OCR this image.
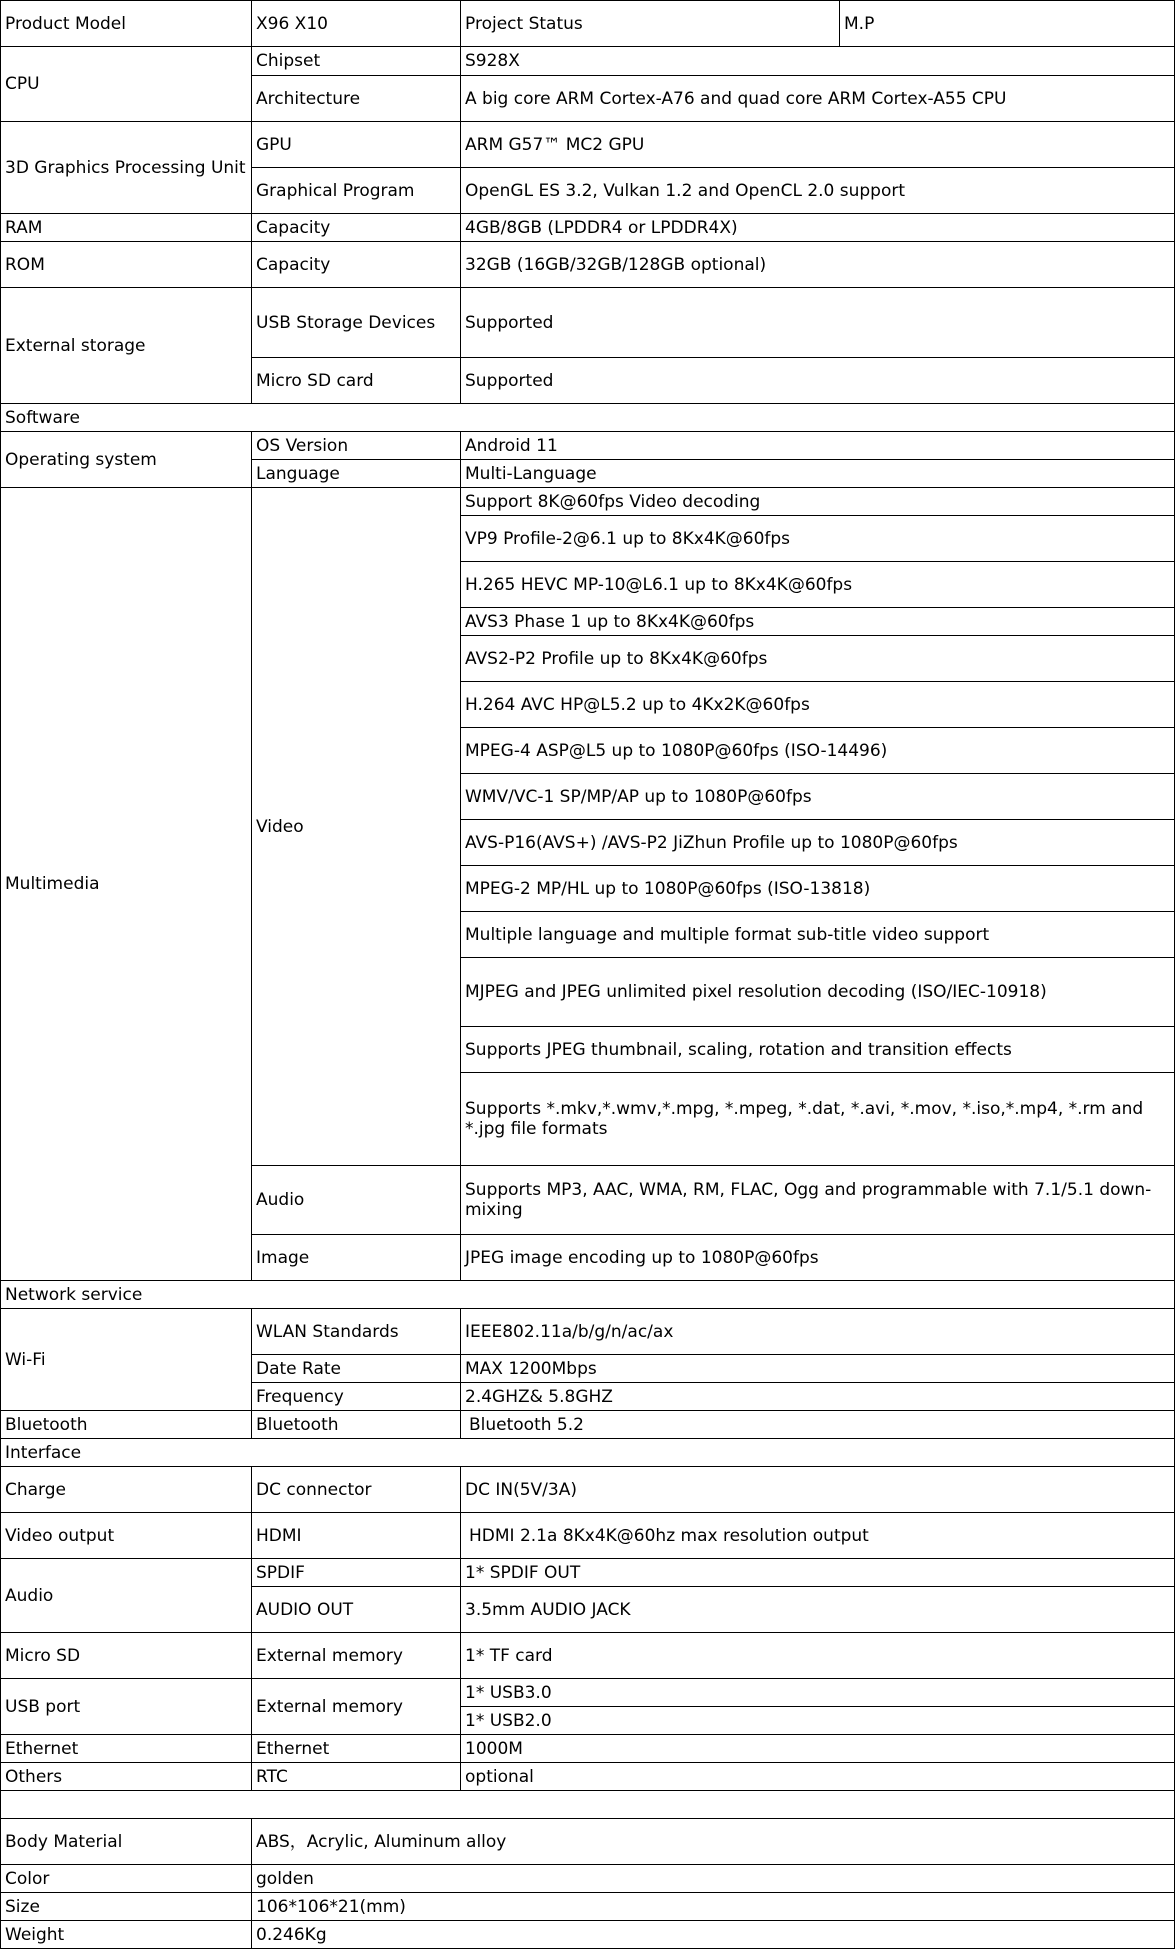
Product Model	X96 X10	Project Status	M.P
CPU	Chipset	S928X	
	Architecture	A big core ARM Cortex-A76 and quad core ARM Cortex-A55 CPU	
3D Graphics Processing Unit	GPU	ARM G57™ MC2 GPU	
	Graphical Program	OpenGL ES 3.2, Vulkan 1.2 and OpenCL 2.0 support	
RAM	Capacity	4GB/8GB (LPDDR4 or LPDDR4X)	
ROM	Capacity	32GB (16GB/32GB/128GB optional)	
External storage	USB Storage Devices	Supported	
	Micro SD card	Supported	
Software			
Operating system	OS Version	Android 11	
	Language	Multi-Language	
Multimedia	Video	Support 8K@60fps Video decoding	
		VP9 Profile-2@6.1 up to 8Kx4K@60fps	
		H.265 HEVC MP-10@L6.1 up to 8Kx4K@60fps	
		AVS3 Phase 1 up to 8Kx4K@60fps	
		AVS2-P2 Profile up to 8Kx4K@60fps	
		H.264 AVC HP@L5.2 up to 4Kx2K@60fps	
		MPEG-4 ASP@L5 up to 1080P@60fps (ISO-14496)	
		WMV/VC-1 SP/MP/AP up to 1080P@60fps	
		AVS-P16(AVS+) /AVS-P2 JiZhun Profile up to 1080P@60fps	
		MPEG-2 MP/HL up to 1080P@60fps (ISO-13818)	
		Multiple language and multiple format sub-title video support	
		MJPEG and JPEG unlimited pixel resolution decoding (ISO/IEC-10918)	
		Supports JPEG thumbnail, scaling, rotation and transition effects	
		Supports *.mkv,*.wmv,*.mpg, *.mpeg, *.dat, *.avi, *.mov, *.iso,*.mp4, *.rm and *.jpg file formats	
	Audio	Supports MP3, AAC, WMA, RM, FLAC, Ogg and programmable with 7.1/5.1 down-mixing	
	Image	JPEG image encoding up to 1080P@60fps	
Network service			
Wi-Fi	WLAN Standards	IEEE802.11a/b/g/n/ac/ax	
	Date Rate	MAX 1200Mbps	
	Frequency	2.4GHZ& 5.8GHZ	
Bluetooth	Bluetooth	Bluetooth 5.2	
Interface			
Charge	DC connector	DC IN(5V/3A)	
Video output	HDMI	HDMI 2.1a 8Kx4K@60hz max resolution output	
Audio	SPDIF	1* SPDIF OUT	
	AUDIO OUT	3.5mm AUDIO JACK	
Micro SD	External memory	1* TF card	
USB port	External memory	1* USB3.0	
		1* USB2.0	
Ethernet	Ethernet	1000M	
Others	RTC	optional	

Body Material	ABS，Acrylic, Aluminum alloy		
Color	golden		
Size	106*106*21(mm)		
Weight	0.246Kg		
